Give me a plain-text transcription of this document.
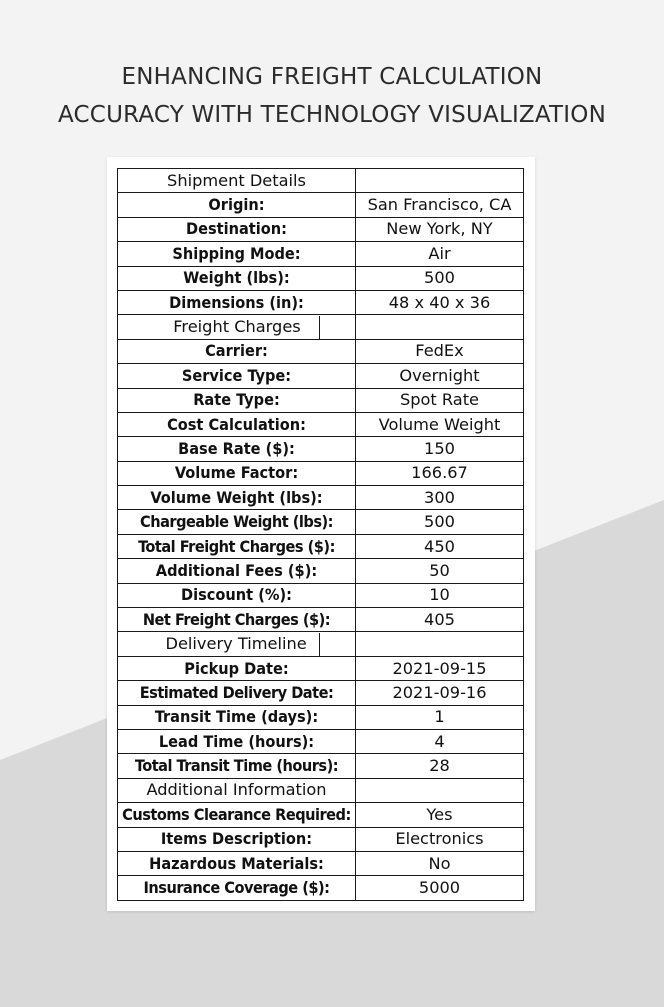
ENHANCING FREIGHT CALCULATION
ACCURACY WITH TECHNOLOGY VISUALIZATION
Shipment Details	
Origin:	San Francisco, CA
Destination:	New York, NY
Shipping Mode:	Air
Weight (lbs):	500
Dimensions (in):	48 x 40 x 36
Freight Charges	
Carrier:	FedEx
Service Type:	Overnight
Rate Type:	Spot Rate
Cost Calculation:	Volume Weight
Base Rate ($):	150
Volume Factor:	166.67
Volume Weight (lbs):	300
Chargeable Weight (lbs):	500
Total Freight Charges ($):	450
Additional Fees ($):	50
Discount (%):	10
Net Freight Charges ($):	405
Delivery Timeline	
Pickup Date:	2021-09-15
Estimated Delivery Date:	2021-09-16
Transit Time (days):	1
Lead Time (hours):	4
Total Transit Time (hours):	28
Additional Information	
Customs Clearance Required:	Yes
Items Description:	Electronics
Hazardous Materials:	No
Insurance Coverage ($):	5000
